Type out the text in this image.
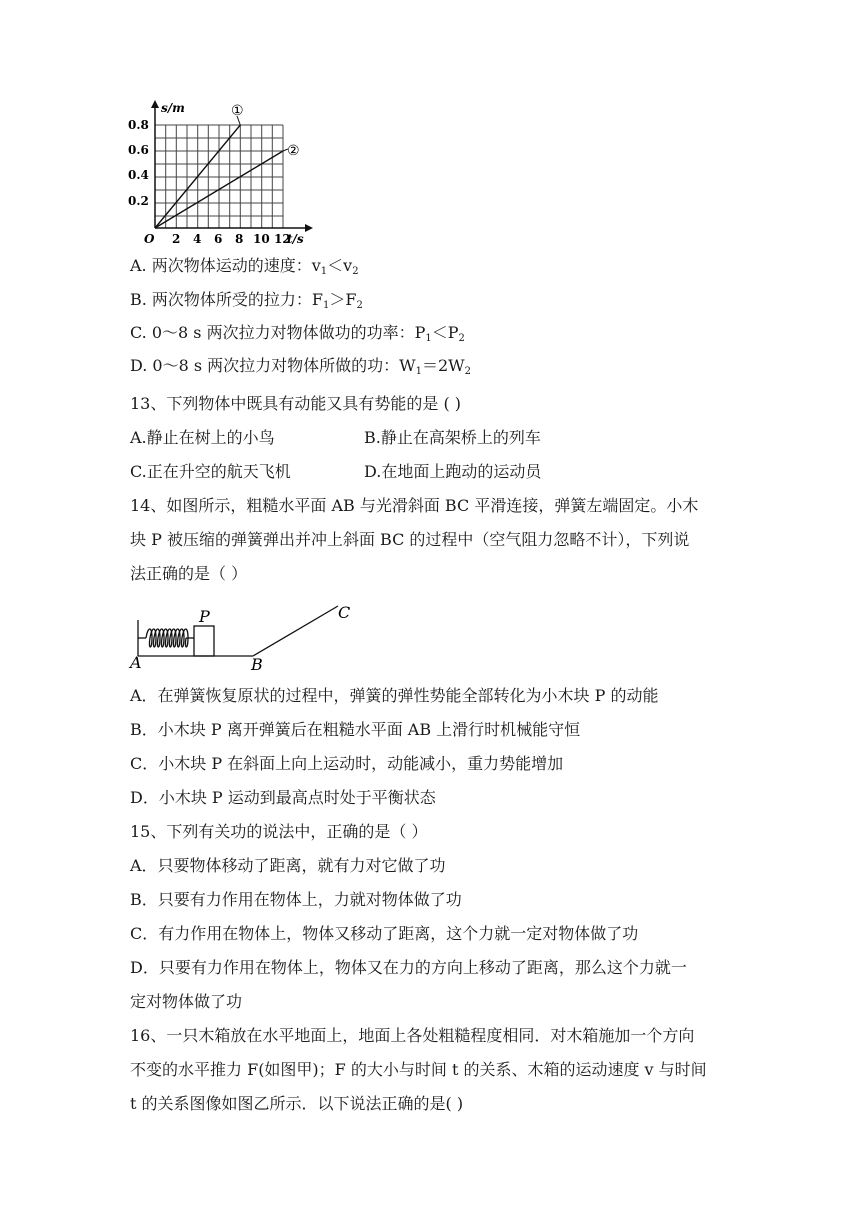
s/m
t/s
O
0.2
0.4
0.6
0.8
2 4 6 8 10 12
①
②
A. 两次物体运动的速度：$v_1<v_2$
B. 两次物体所受的拉力：$F_1>F_2$
C. 0～8 s 两次拉力对物体做功的功率：$P_1<P_2$
D. 0～8 s 两次拉力对物体所做的功：$W_1=2W_2$
13、下列物体中既具有动能又具有势能的是 ( )
A.静止在树上的小鸟	B.静止在高架桥上的列车
C.正在升空的航天飞机	D.在地面上跑动的运动员
14、如图所示，粗糙水平面 AB 与光滑斜面 BC 平滑连接，弹簧左端固定。小木
块 P 被压缩的弹簧弹出并冲上斜面 BC 的过程中（空气阻力忽略不计），下列说
法正确的是（ ）
A	B
C
P
A．在弹簧恢复原状的过程中，弹簧的弹性势能全部转化为小木块 P 的动能
B．小木块 P 离开弹簧后在粗糙水平面 AB 上滑行时机械能守恒
C．小木块 P 在斜面上向上运动时，动能减小，重力势能增加
D．小木块 P 运动到最高点时处于平衡状态
15、下列有关功的说法中，正确的是（ ）
A．只要物体移动了距离，就有力对它做了功
B．只要有力作用在物体上，力就对物体做了功
C．有力作用在物体上，物体又移动了距离，这个力就一定对物体做了功
D．只要有力作用在物体上，物体又在力的方向上移动了距离，那么这个力就一
定对物体做了功
16、一只木箱放在水平地面上，地面上各处粗糙程度相同．对木箱施加一个方向
不变的水平推力 F(如图甲)；F 的大小与时间 t 的关系、木箱的运动速度 v 与时间
t 的关系图像如图乙所示．以下说法正确的是( )
